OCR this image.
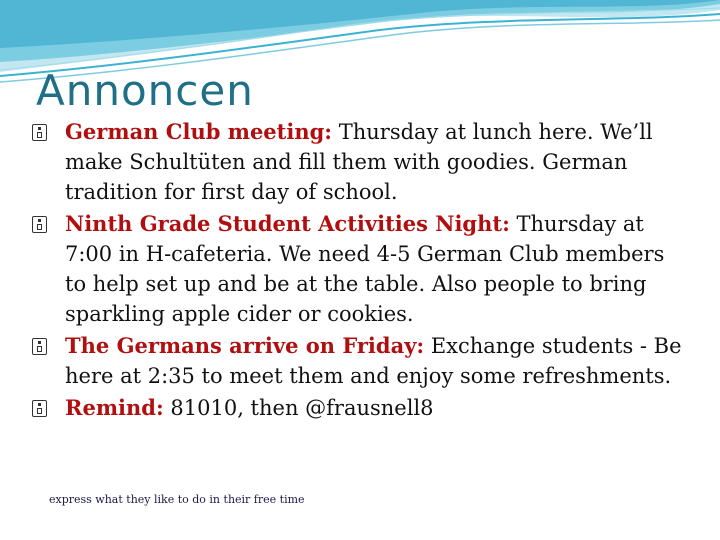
Annoncen
German Club meeting: Thursday at lunch here. We’ll make Schultüten and fill them with goodies. German tradition for first day of school.
Ninth Grade Student Activities Night: Thursday at 7:00 in H-cafeteria. We need 4-5 German Club members to help set up and be at the table. Also people to bring sparkling apple cider or cookies.
The Germans arrive on Friday: Exchange students - Be here at 2:35 to meet them and enjoy some refreshments.
Remind: 81010, then @frausnell8
express what they like to do in their free time
